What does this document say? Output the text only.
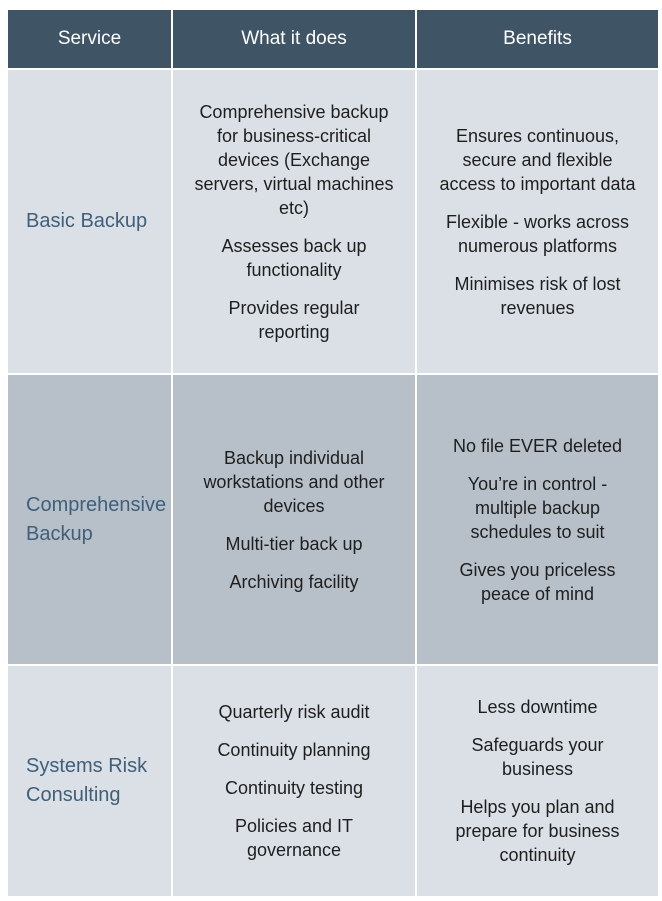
Service	What it does	Benefits
Basic Backup
Comprehensive backup for business-critical devices (Exchange servers, virtual machines etc)
Assesses back up functionality
Provides regular reporting
Ensures continuous, secure and flexible access to important data
Flexible - works across numerous platforms
Minimises risk of lost revenues
Comprehensive Backup
Backup individual workstations and other devices
Multi-tier back up
Archiving facility
No file EVER deleted
You’re in control - multiple backup schedules to suit
Gives you priceless peace of mind
Systems Risk Consulting
Quarterly risk audit
Continuity planning
Continuity testing
Policies and IT governance
Less downtime
Safeguards your business
Helps you plan and prepare for business continuity
